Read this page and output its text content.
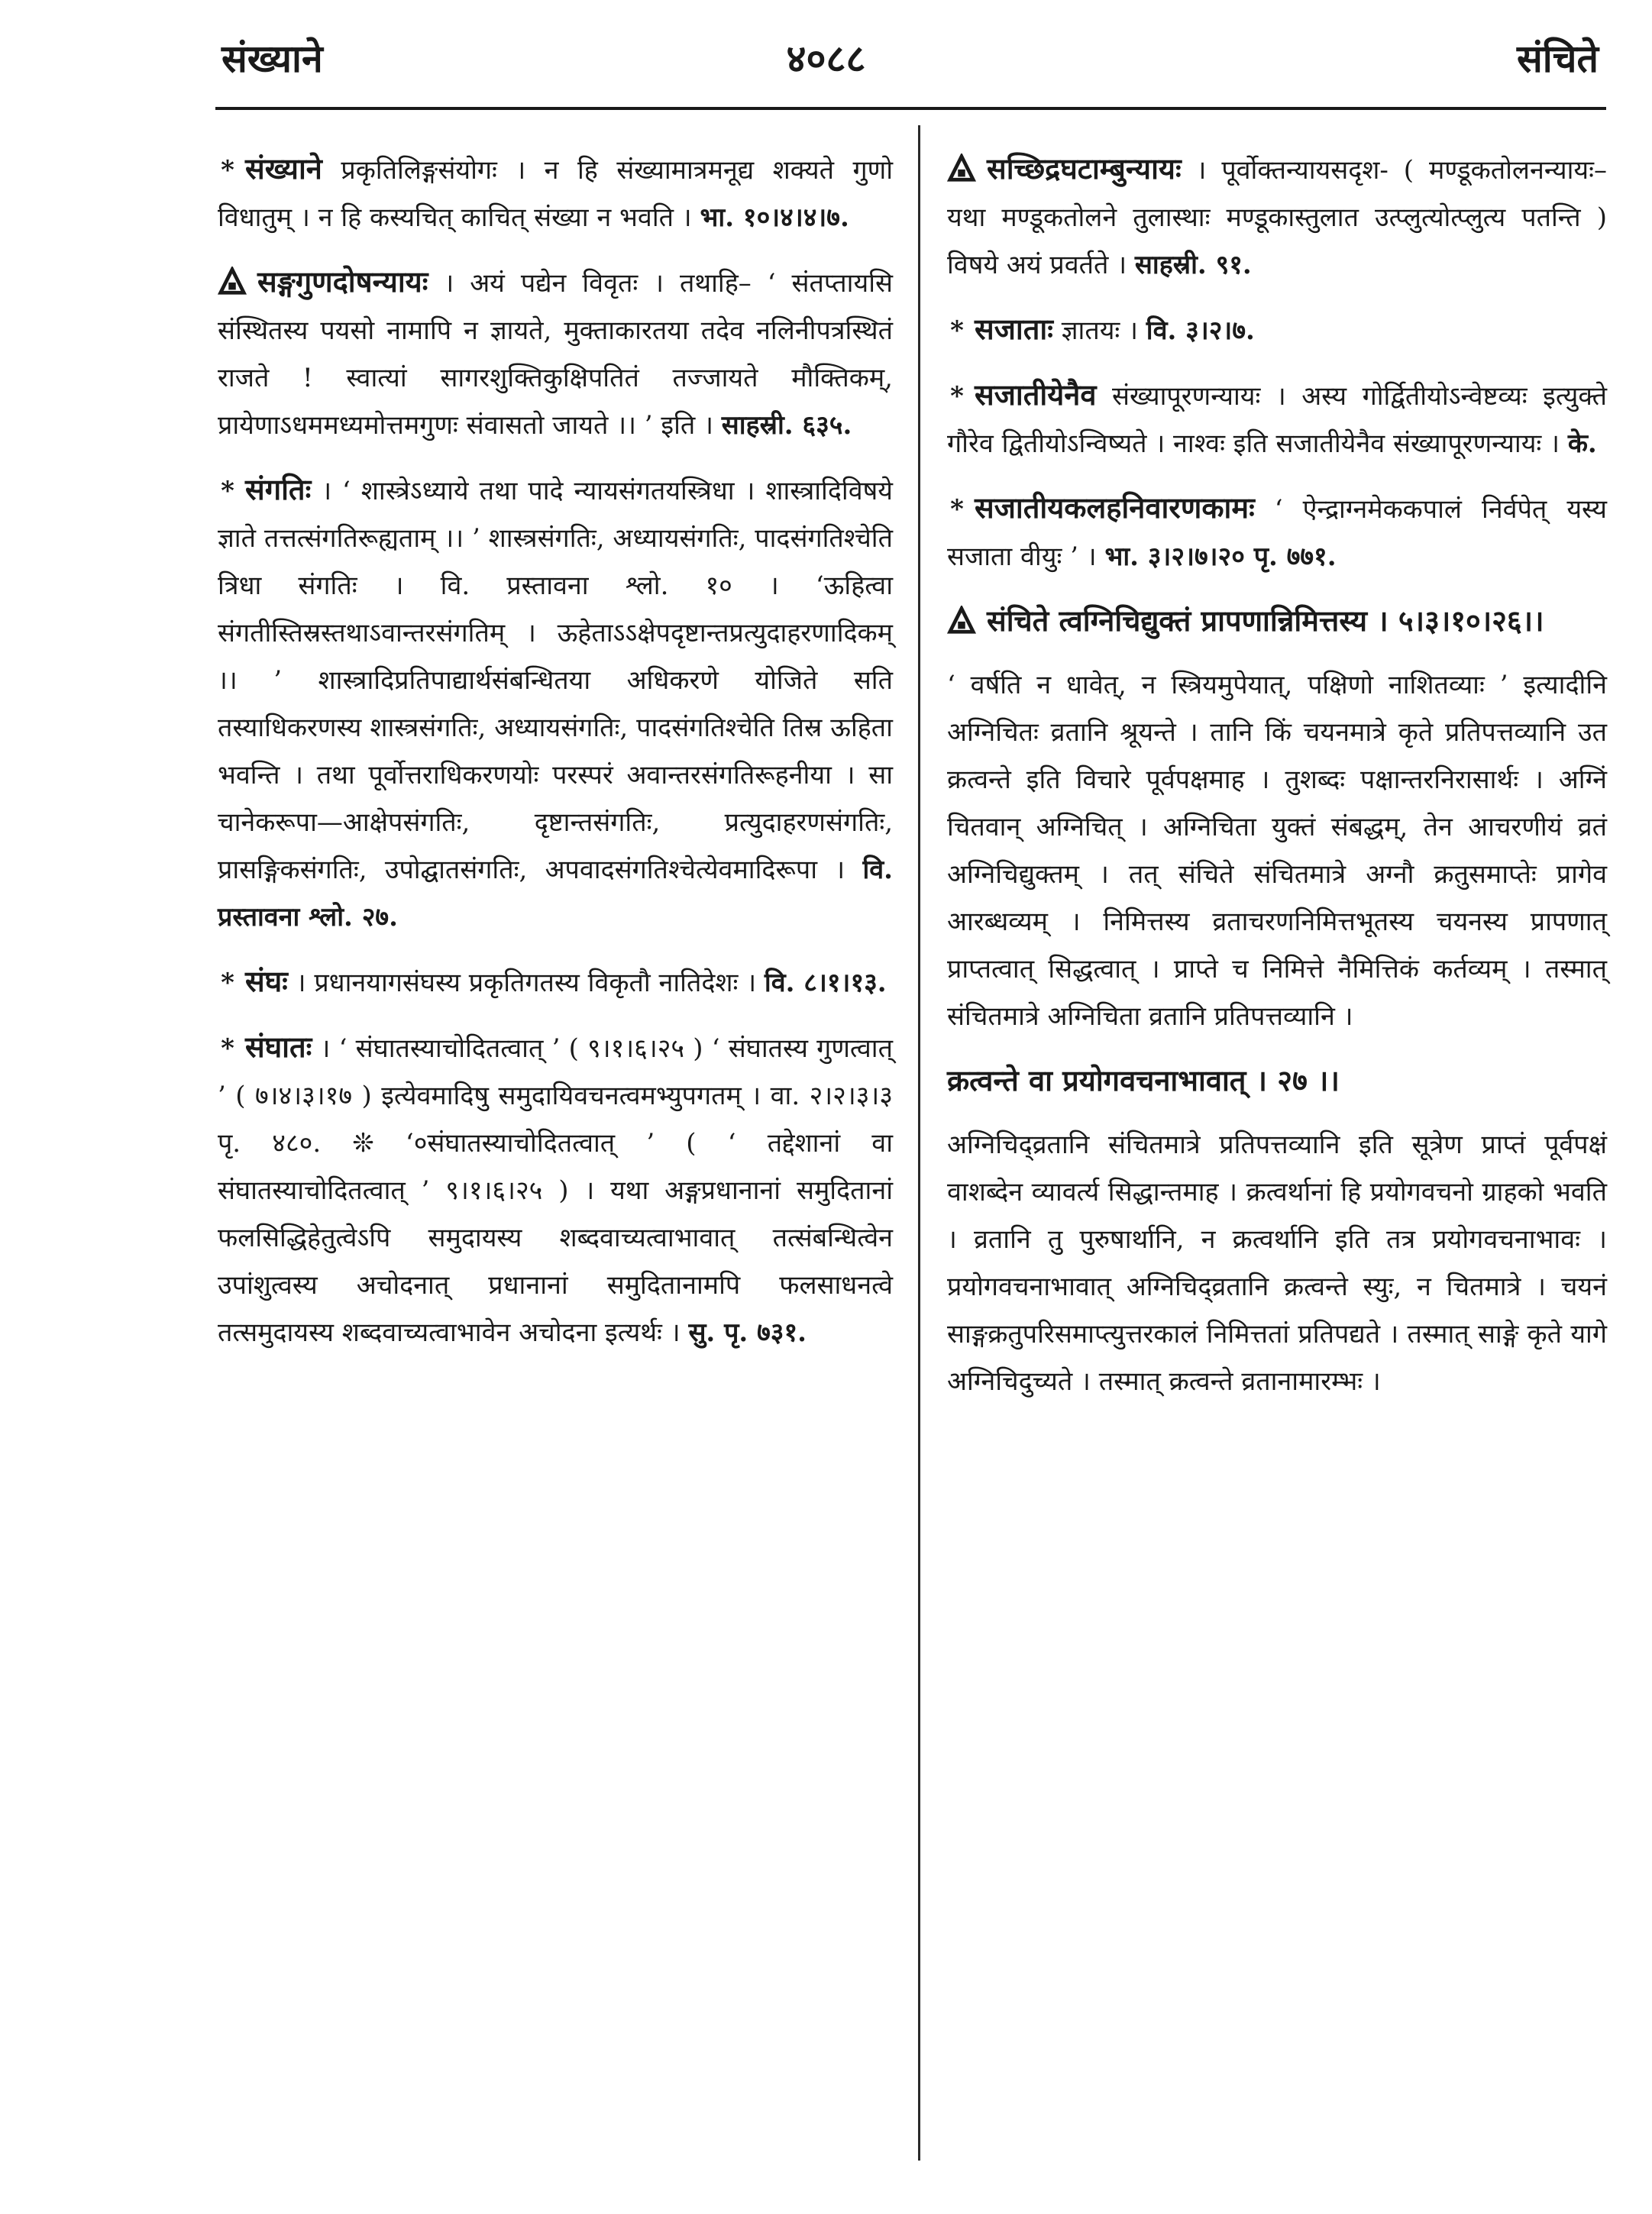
संख्याने	४०८८	संचिते

* संख्याने प्रकृतिलिङ्गसंयोगः । न हि संख्यामात्रमनूद्य शक्यते गुणो विधातुम् । न हि कस्यचित् काचित् संख्या न भवति । भा. १०।४।४।७.

सङ्गगुणदोषन्यायः । अयं पद्येन विवृतः । तथाहि– ‘ संतप्तायसि संस्थितस्य पयसो नामापि न ज्ञायते, मुक्ताकारतया तदेव नलिनीपत्रस्थितं राजते ! स्वात्यां सागरशुक्तिकुक्षिपतितं तज्जायते मौक्तिकम्, प्रायेणाऽधममध्यमोत्तमगुणः संवासतो जायते ।। ’ इति । साहस्री. ६३५.

* संगतिः । ‘ शास्त्रेऽध्याये तथा पादे न्यायसंगतयस्त्रिधा । शास्त्रादिविषये ज्ञाते तत्तत्संगतिरूह्यताम् ।। ’ शास्त्रसंगतिः, अध्यायसंगतिः, पादसंगतिश्चेति त्रिधा संगतिः । वि. प्रस्तावना श्लो. १० । ‘ऊहित्वा संगतीस्तिस्रस्तथाऽवान्तरसंगतिम् । ऊहेताऽऽक्षेपदृष्टान्तप्रत्युदाहरणादिकम् ।। ’ शास्त्रादिप्रतिपाद्यार्थसंबन्धितया अधिकरणे योजिते सति तस्याधिकरणस्य शास्त्रसंगतिः, अध्यायसंगतिः, पादसंगतिश्चेति तिस्र ऊहिता भवन्ति । तथा पूर्वोत्तराधिकरणयोः परस्परं अवान्तरसंगतिरूहनीया । सा चानेकरूपा—आक्षेपसंगतिः, दृष्टान्तसंगतिः, प्रत्युदाहरणसंगतिः, प्रासङ्गिकसंगतिः, उपोद्घातसंगतिः, अपवादसंगतिश्चेत्येवमादिरूपा । वि. प्रस्तावना श्लो. २७.

* संघः । प्रधानयागसंघस्य प्रकृतिगतस्य विकृतौ नातिदेशः । वि. ८।१।१३.

* संघातः । ‘ संघातस्याचोदितत्वात् ’ ( ९।१।६।२५ ) ‘ संघातस्य गुणत्वात् ’ ( ७।४।३।१७ ) इत्येवमादिषु समुदायिवचनत्वमभ्युपगतम् । वा. २।२।३।३ पृ. ४८०. ❊ ‘०संघातस्याचोदितत्वात् ’ ( ‘ तद्देशानां वा संघातस्याचोदितत्वात् ’ ९।१।६।२५ ) । यथा अङ्गप्रधानानां समुदितानां फलसिद्धिहेतुत्वेऽपि समुदायस्य शब्दवाच्यत्वाभावात् तत्संबन्धित्वेन उपांशुत्वस्य अचोदनात् प्रधानानां समुदितानामपि फलसाधनत्वे तत्समुदायस्य शब्दवाच्यत्वाभावेन अचोदना इत्यर्थः । सु. पृ. ७३१.

सच्छिद्रघटाम्बुन्यायः । पूर्वोक्तन्यायसदृश- ( मण्डूकतोलनन्यायः– यथा मण्डूकतोलने तुलास्थाः मण्डूकास्तुलात उत्प्लुत्योत्प्लुत्य पतन्ति ) विषये अयं प्रवर्तते । साहस्री. ९१.

* सजाताः ज्ञातयः । वि. ३।२।७.

* सजातीयेनैव संख्यापूरणन्यायः । अस्य गोर्द्वितीयोऽन्वेष्टव्यः इत्युक्ते गौरेव द्वितीयोऽन्विष्यते । नाश्वः इति सजातीयेनैव संख्यापूरणन्यायः । के.

* सजातीयकलहनिवारणकामः ‘ ऐन्द्राग्नमेककपालं निर्वपेत् यस्य सजाता वीयुः ’ । भा. ३।२।७।२० पृ. ७७१.

संचिते त्वग्निचिद्युक्तं प्रापणान्निमित्तस्य । ५।३।१०।२६।।

‘ वर्षति न धावेत्, न स्त्रियमुपेयात्, पक्षिणो नाशितव्याः ’ इत्यादीनि अग्निचितः व्रतानि श्रूयन्ते । तानि किं चयनमात्रे कृते प्रतिपत्तव्यानि उत क्रत्वन्ते इति विचारे पूर्वपक्षमाह । तुशब्दः पक्षान्तरनिरासार्थः । अग्निं चितवान् अग्निचित् । अग्निचिता युक्तं संबद्धम्, तेन आचरणीयं व्रतं अग्निचिद्युक्तम् । तत् संचिते संचितमात्रे अग्नौ क्रतुसमाप्तेः प्रागेव आरब्धव्यम् । निमित्तस्य व्रताचरणनिमित्तभूतस्य चयनस्य प्रापणात् प्राप्तत्वात् सिद्धत्वात् । प्राप्ते च निमित्ते नैमित्तिकं कर्तव्यम् । तस्मात् संचितमात्रे अग्निचिता व्रतानि प्रतिपत्तव्यानि ।

क्रत्वन्ते वा प्रयोगवचनाभावात् । २७ ।।

अग्निचिद्व्रतानि संचितमात्रे प्रतिपत्तव्यानि इति सूत्रेण प्राप्तं पूर्वपक्षं वाशब्देन व्यावर्त्य सिद्धान्तमाह । क्रत्वर्थानां हि प्रयोगवचनो ग्राहको भवति । व्रतानि तु पुरुषार्थानि, न क्रत्वर्थानि इति तत्र प्रयोगवचनाभावः । प्रयोगवचनाभावात् अग्निचिद्व्रतानि क्रत्वन्ते स्युः, न चितमात्रे । चयनं साङ्गक्रतुपरिसमाप्त्युत्तरकालं निमित्ततां प्रतिपद्यते । तस्मात् साङ्गे कृते यागे अग्निचिदुच्यते । तस्मात् क्रत्वन्ते व्रतानामारम्भः ।
